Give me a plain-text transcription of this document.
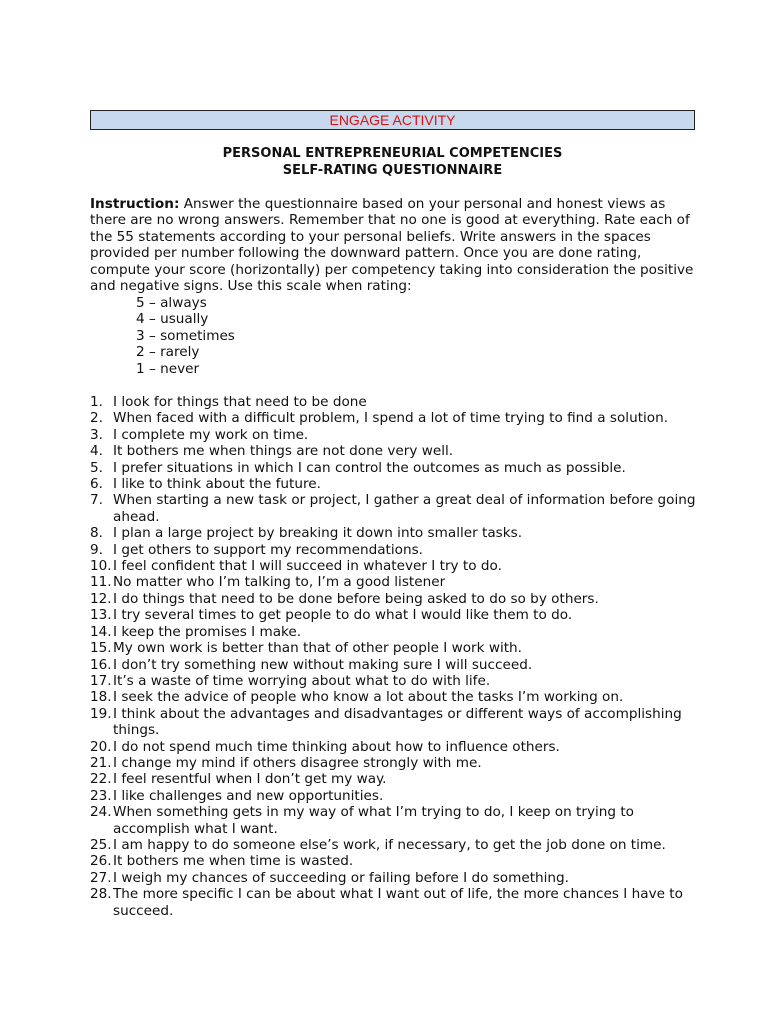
ENGAGE ACTIVITY
PERSONAL ENTREPRENEURIAL COMPETENCIES
SELF-RATING QUESTIONNAIRE
Instruction: Answer the questionnaire based on your personal and honest views as there are no wrong answers. Remember that no one is good at everything. Rate each of the 55 statements according to your personal beliefs. Write answers in the spaces provided per number following the downward pattern. Once you are done rating, compute your score (horizontally) per competency taking into consideration the positive and negative signs. Use this scale when rating:
5 – always
4 – usually
3 – sometimes
2 – rarely
1 – never
1. I look for things that need to be done
2. When faced with a difficult problem, I spend a lot of time trying to find a solution.
3. I complete my work on time.
4. It bothers me when things are not done very well.
5. I prefer situations in which I can control the outcomes as much as possible.
6. I like to think about the future.
7. When starting a new task or project, I gather a great deal of information before going ahead.
8. I plan a large project by breaking it down into smaller tasks.
9. I get others to support my recommendations.
10. I feel confident that I will succeed in whatever I try to do.
11. No matter who I’m talking to, I’m a good listener
12. I do things that need to be done before being asked to do so by others.
13. I try several times to get people to do what I would like them to do.
14. I keep the promises I make.
15. My own work is better than that of other people I work with.
16. I don’t try something new without making sure I will succeed.
17. It’s a waste of time worrying about what to do with life.
18. I seek the advice of people who know a lot about the tasks I’m working on.
19. I think about the advantages and disadvantages or different ways of accomplishing things.
20. I do not spend much time thinking about how to influence others.
21. I change my mind if others disagree strongly with me.
22. I feel resentful when I don’t get my way.
23. I like challenges and new opportunities.
24. When something gets in my way of what I’m trying to do, I keep on trying to accomplish what I want.
25. I am happy to do someone else’s work, if necessary, to get the job done on time.
26. It bothers me when time is wasted.
27. I weigh my chances of succeeding or failing before I do something.
28. The more specific I can be about what I want out of life, the more chances I have to succeed.
